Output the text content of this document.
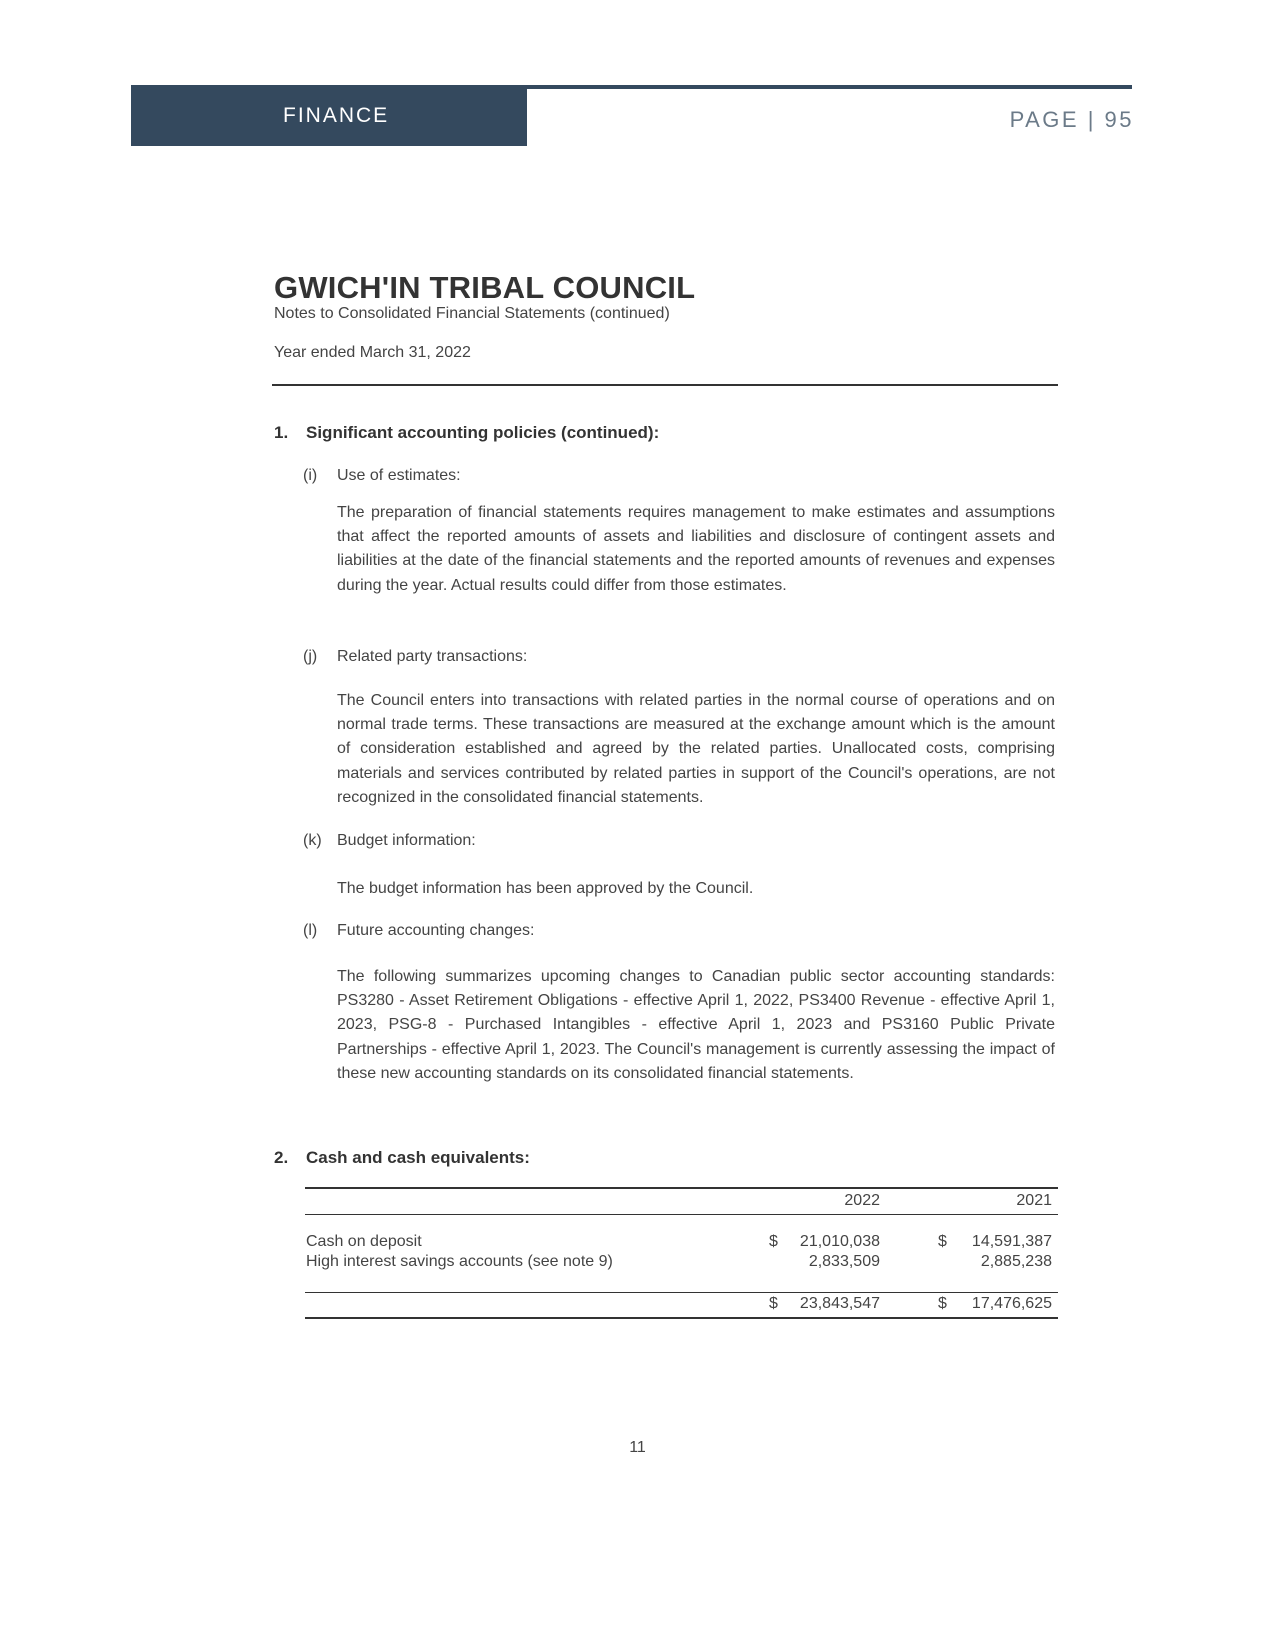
FINANCE	PAGE | 95
GWICH'IN TRIBAL COUNCIL
Notes to Consolidated Financial Statements (continued)
Year ended March 31, 2022
1. Significant accounting policies (continued):
(i) Use of estimates:

The preparation of financial statements requires management to make estimates and assumptions that affect the reported amounts of assets and liabilities and disclosure of contingent assets and liabilities at the date of the financial statements and the reported amounts of revenues and expenses during the year. Actual results could differ from those estimates.

(j) Related party transactions:

The Council enters into transactions with related parties in the normal course of operations and on normal trade terms. These transactions are measured at the exchange amount which is the amount of consideration established and agreed by the related parties. Unallocated costs, comprising materials and services contributed by related parties in support of the Council's operations, are not recognized in the consolidated financial statements.

(k) Budget information:

The budget information has been approved by the Council.

(l) Future accounting changes:

The following summarizes upcoming changes to Canadian public sector accounting standards: PS3280 - Asset Retirement Obligations - effective April 1, 2022, PS3400 Revenue - effective April 1, 2023, PSG-8 - Purchased Intangibles - effective April 1, 2023 and PS3160 Public Private Partnerships - effective April 1, 2023. The Council's management is currently assessing the impact of these new accounting standards on its consolidated financial statements.

2. Cash and cash equivalents:
2022	2021
Cash on deposit	$	21,010,038	$	14,591,387
High interest savings accounts (see note 9)	2,833,509	2,885,238
$	23,843,547	$	17,476,625
11
